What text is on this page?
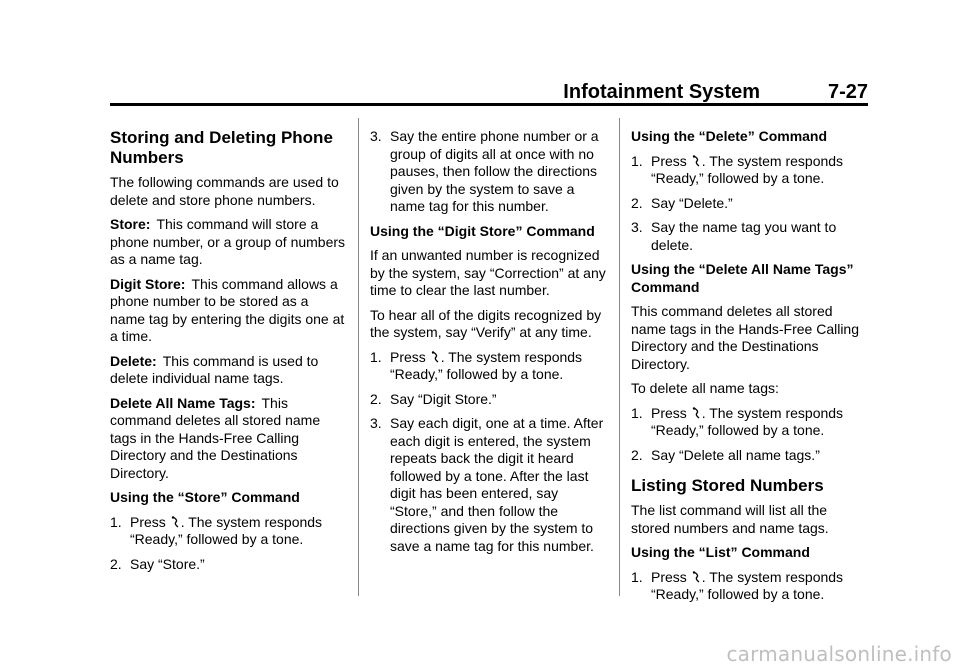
Infotainment System	7-27
Storing and Deleting Phone Numbers

The following commands are used to delete and store phone numbers.

Store: This command will store a phone number, or a group of numbers as a name tag.

Digit Store: This command allows a phone number to be stored as a name tag by entering the digits one at a time.

Delete: This command is used to delete individual name tags.

Delete All Name Tags: This command deletes all stored name tags in the Hands-Free Calling Directory and the Destinations Directory.

Using the “Store” Command

1. Press . The system responds “Ready,” followed by a tone.
2. Say “Store.”
3. Say the entire phone number or a group of digits all at once with no pauses, then follow the directions given by the system to save a name tag for this number.

Using the “Digit Store” Command

If an unwanted number is recognized by the system, say “Correction” at any time to clear the last number.

To hear all of the digits recognized by the system, say “Verify” at any time.

1. Press . The system responds “Ready,” followed by a tone.
2. Say “Digit Store.”
3. Say each digit, one at a time. After each digit is entered, the system repeats back the digit it heard followed by a tone. After the last digit has been entered, say “Store,” and then follow the directions given by the system to save a name tag for this number.

Using the “Delete” Command

1. Press . The system responds “Ready,” followed by a tone.
2. Say “Delete.”
3. Say the name tag you want to delete.

Using the “Delete All Name Tags” Command

This command deletes all stored name tags in the Hands-Free Calling Directory and the Destinations Directory.

To delete all name tags:

1. Press . The system responds “Ready,” followed by a tone.
2. Say “Delete all name tags.”
Listing Stored Numbers

The list command will list all the stored numbers and name tags.

Using the “List” Command

1. Press . The system responds “Ready,” followed by a tone.
carmanualsonline.info
